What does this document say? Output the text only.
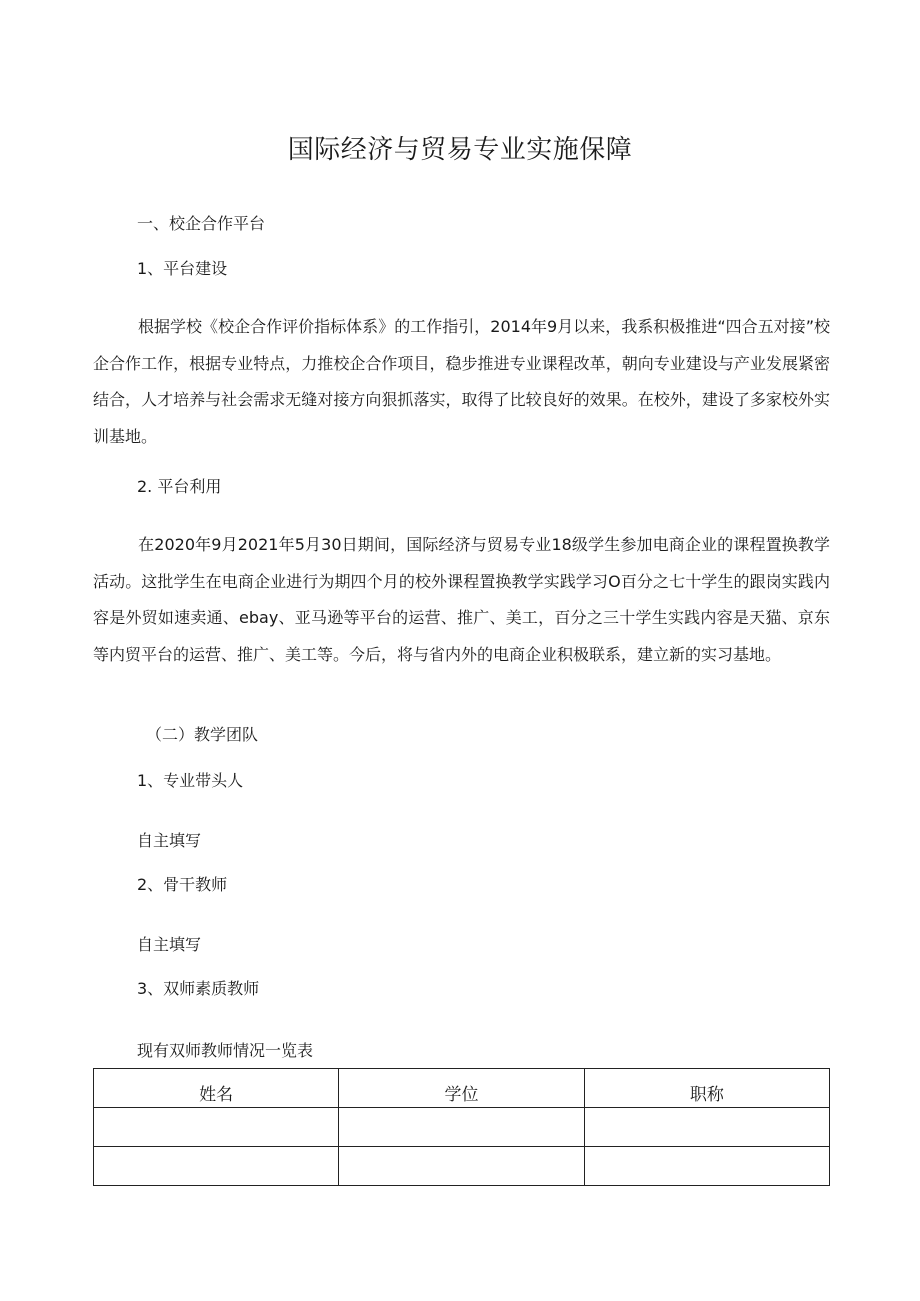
国际经济与贸易专业实施保障
一、校企合作平台
1、平台建设
根据学校《校企合作评价指标体系》的工作指引，2014年9月以来，我系积极推进“四合五对接”校企合作工作，根据专业特点，力推校企合作项目，稳步推进专业课程改革，朝向专业建设与产业发展紧密结合，人才培养与社会需求无缝对接方向狠抓落实，取得了比较良好的效果。在校外，建设了多家校外实训基地。
2. 平台利用
在2020年9月2021年5月30日期间，国际经济与贸易专业18级学生参加电商企业的课程置换教学活动。这批学生在电商企业进行为期四个月的校外课程置换教学实践学习O百分之七十学生的跟岗实践内容是外贸如速卖通、ebay、亚马逊等平台的运营、推广、美工，百分之三十学生实践内容是天猫、京东等内贸平台的运营、推广、美工等。今后，将与省内外的电商企业积极联系，建立新的实习基地。
（二）教学团队
1、专业带头人
自主填写
2、骨干教师
自主填写
3、双师素质教师
现有双师教师情况一览表
姓名	学位	职称
